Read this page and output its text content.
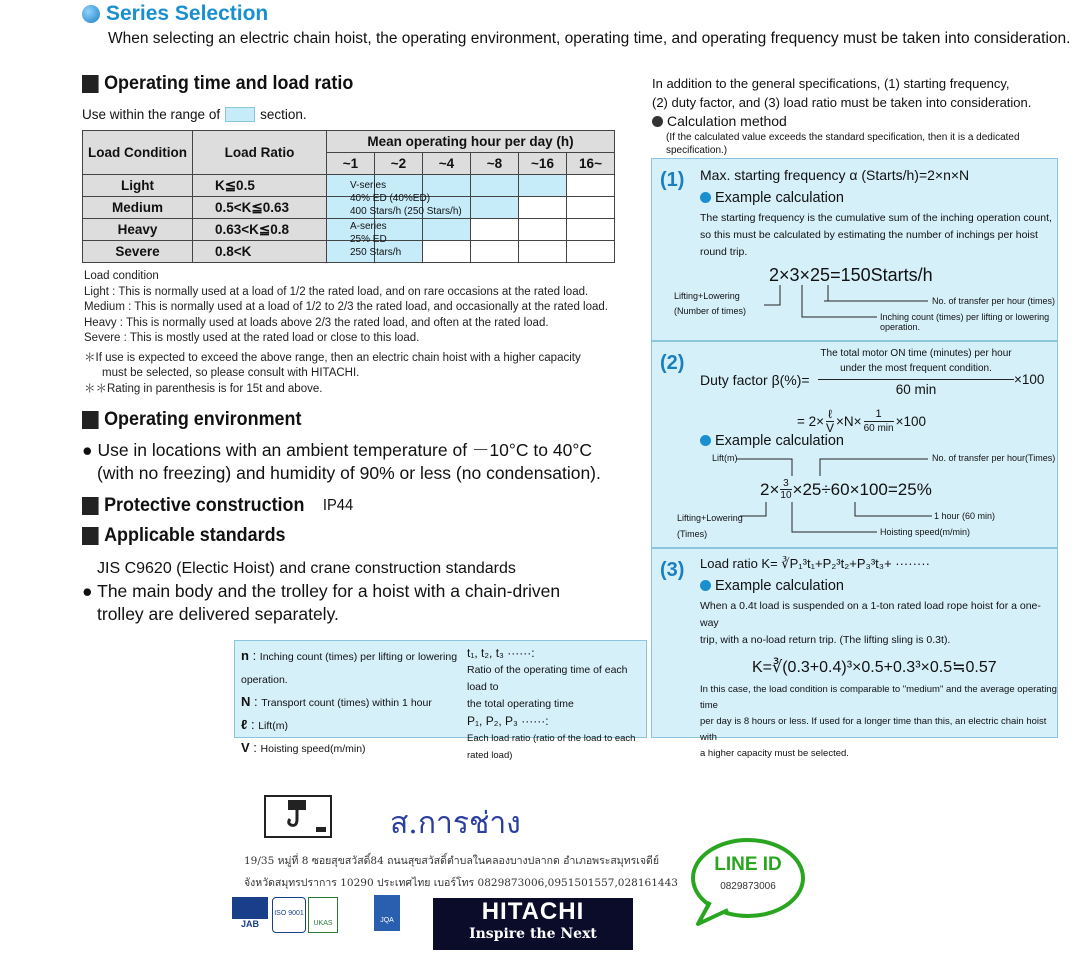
Series Selection
When selecting an electric chain hoist, the operating environment, operating time, and operating frequency must be taken into consideration.
Operating time and load ratio
Use within the range of	section.
Load Condition	Load Ratio	Mean operating hour per day (h)					
		~1	~2	~4	~8	~16	16~
Light	K≦0.5						
Medium	0.5<K≦0.63						
Heavy	0.63<K≦0.8						
Severe	0.8<K						
V-series
40% ED (40%ED)
400 Stars/h (250 Stars/h)
A-series
25% ED
250 Stars/h
Load condition
Light : This is normally used at a load of 1/2 the rated load, and on rare occasions at the rated load.
Medium : This is normally used at a load of 1/2 to 2/3 the rated load, and occasionally at the rated load.
Heavy : This is normally used at loads above 2/3 the rated load, and often at the rated load.
Severe : This is mostly used at the rated load or close to this load.
＊If use is expected to exceed the above range, then an electric chain hoist with a higher capacity
must be selected, so please consult with HITACHI.
＊＊Rating in parenthesis is for 15t and above.
Operating environment
● Use in locations with an ambient temperature of －10°C to 40°C
(with no freezing) and humidity of 90% or less (no condensation).
Protective construction IP44
Applicable standards
JIS C9620 (Electic Hoist) and crane construction standards
● The main body and the trolley for a hoist with a chain-driven
trolley are delivered separately.
n : Inching count (times) per lifting or lowering operation.
N : Transport count (times) within 1 hour
ℓ : Lift(m)
V : Hoisting speed(m/min)
t₁, t₂, t₃ ······:
Ratio of the operating time of each load to
the total operating time
P₁, P₂, P₃ ······:
Each load ratio (ratio of the load to each rated load)
In addition to the general specifications, (1) starting frequency,
(2) duty factor, and (3) load ratio must be taken into consideration.
Calculation method
(If the calculated value exceeds the standard specification, then it is a dedicated specification.)
(1) Max. starting frequency α (Starts/h)=2×n×N
Example calculation
The starting frequency is the cumulative sum of the inching operation count,
so this must be calculated by estimating the number of inchings per hoist round trip.
2×3×25=150Starts/h
Lifting+Lowering
(Number of times)
No. of transfer per hour (times)
Inching count (times) per lifting or lowering operation.
(2)
Duty factor β(%)=
The total motor ON time (minutes) per hour
under the most frequent condition.
60 min
×100
= 2× ℓ
V ×N× 1
60 min ×100
Example calculation
Lift(m)	No. of transfer per hour(Times)
$2\times \frac{3}{10} \times 25\div 60\times 100=25\%$
Lifting+Lowering
(Times)
1 hour (60 min)
Hoisting speed(m/min)
(3) Load ratio K= ∛P₁³t₁+P₂³t₂+P₃³t₃+ ········
Example calculation
When a 0.4t load is suspended on a 1-ton rated load rope hoist for a one-way
trip, with a no-load return trip. (The lifting sling is 0.3t).
K=∛(0.3+0.4)³×0.5+0.3³×0.5≒0.57
In this case, the load condition is comparable to "medium" and the average operating time
per day is 8 hours or less. If used for a longer time than this, an electric chain hoist with
a higher capacity must be selected.
ส.การช่าง
19/35 หมู่ที่ 8 ซอยสุขสวัสดิ์84 ถนนสุขสวัสดิ์ตำบลในคลองบางปลากด อำเภอพระสมุทรเจดีย์
จังหวัดสมุทรปราการ 10290 ประเทศไทย เบอร์โทร 0829873006,0951501557,028161443
JAB
ISO 9001
UKAS	JQA	HITACHI
Inspire the Next
LINE ID
0829873006
